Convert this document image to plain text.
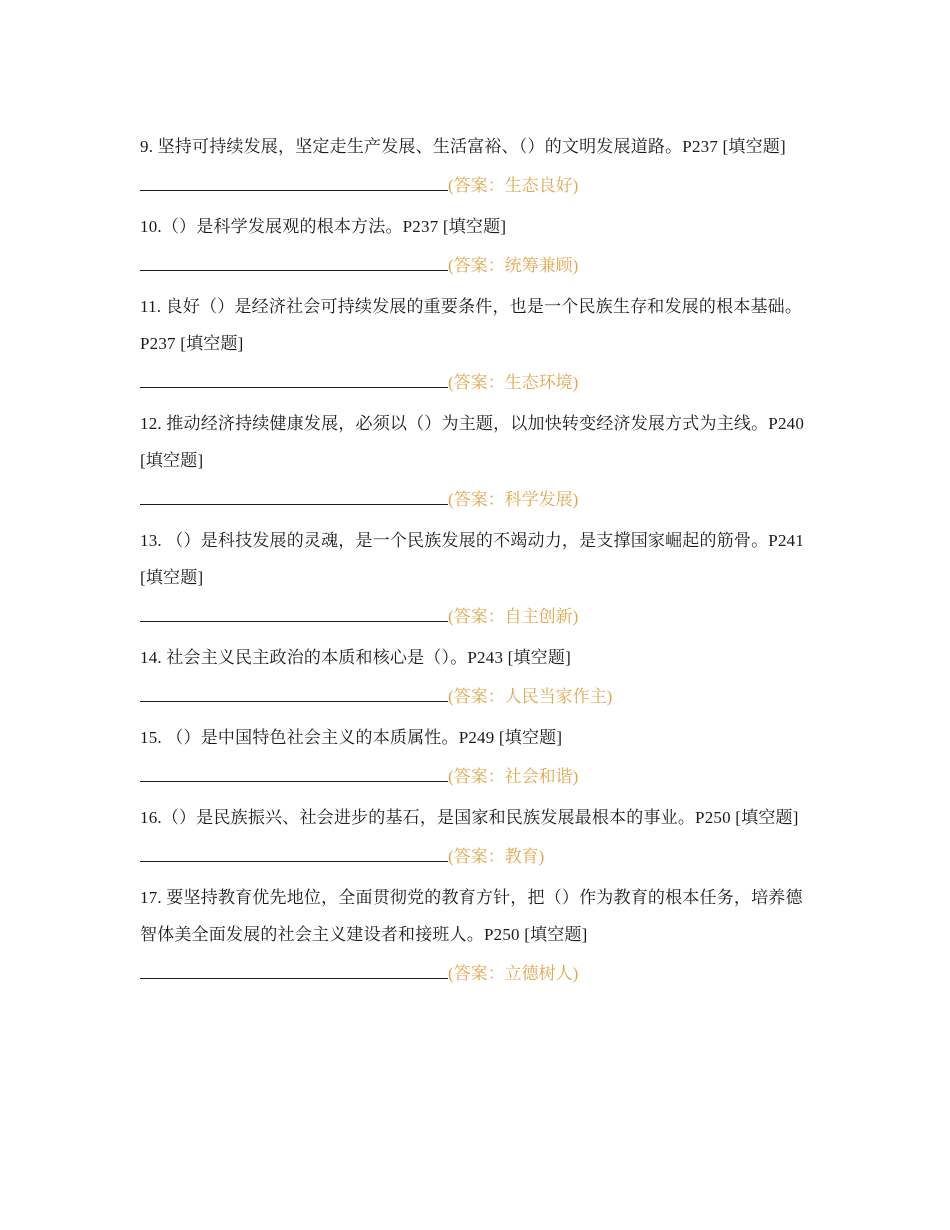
9. 坚持可持续发展，坚定走生产发展、生活富裕、（）的文明发展道路。P237 [填空题]

(答案：生态良好)

10.（）是科学发展观的根本方法。P237 [填空题]

(答案：统筹兼顾)

11. 良好（）是经济社会可持续发展的重要条件，也是一个民族生存和发展的根本基础。P237 [填空题]

(答案：生态环境)

12. 推动经济持续健康发展，必须以（）为主题，以加快转变经济发展方式为主线。P240 [填空题]

(答案：科学发展)

13. （）是科技发展的灵魂，是一个民族发展的不竭动力，是支撑国家崛起的筋骨。P241 [填空题]

(答案：自主创新)

14. 社会主义民主政治的本质和核心是（）。P243 [填空题]

(答案：人民当家作主)

15. （）是中国特色社会主义的本质属性。P249 [填空题]

(答案：社会和谐)

16.（）是民族振兴、社会进步的基石，是国家和民族发展最根本的事业。P250 [填空题]

(答案：教育)

17. 要坚持教育优先地位，全面贯彻党的教育方针，把（）作为教育的根本任务，培养德智体美全面发展的社会主义建设者和接班人。P250 [填空题]

(答案：立德树人)
